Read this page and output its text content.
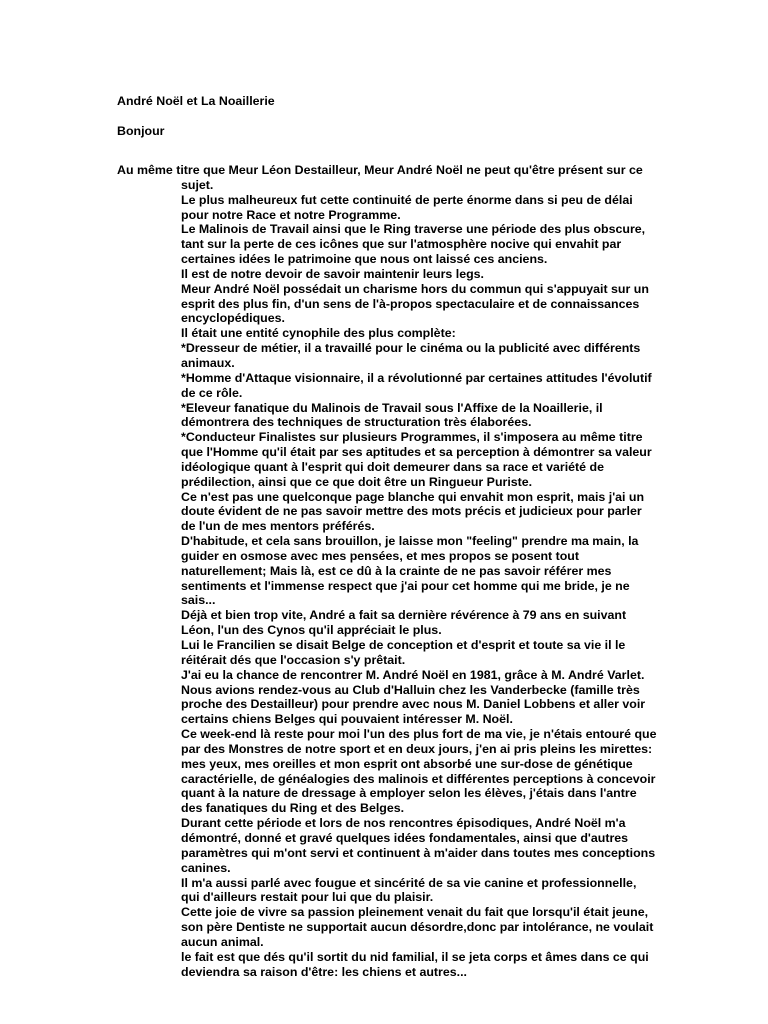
André Noël et La Noaillerie
Bonjour

Au même titre que Meur Léon Destailleur, Meur André Noël ne peut qu'être présent sur ce sujet.

Le plus malheureux fut cette continuité de perte énorme dans si peu de délai pour notre Race et notre Programme.

Le Malinois de Travail ainsi que le Ring traverse une période des plus obscure, tant sur la perte de ces icônes que sur l'atmosphère nocive qui envahit par certaines idées le patrimoine que nous ont laissé ces anciens.

Il est de notre devoir de savoir maintenir leurs legs.

Meur André Noël possédait un charisme hors du commun qui s'appuyait sur un esprit des plus fin, d'un sens de l'à-propos spectaculaire et de connaissances encyclopédiques.

Il était une entité cynophile des plus complète:

*Dresseur de métier, il a travaillé pour le cinéma ou la publicité avec différents animaux.

*Homme d'Attaque visionnaire, il a révolutionné par certaines attitudes l'évolutif de ce rôle.

*Eleveur fanatique du Malinois de Travail sous l'Affixe de la Noaillerie, il démontrera des techniques de structuration très élaborées.

*Conducteur Finalistes sur plusieurs Programmes, il s'imposera au même titre que l'Homme qu'il était par ses aptitudes et sa perception à démontrer sa valeur idéologique quant à l'esprit qui doit demeurer dans sa race et variété de prédilection, ainsi que ce que doit être un Ringueur Puriste.

Ce n'est pas une quelconque page blanche qui envahit mon esprit, mais j'ai un doute évident de ne pas savoir mettre des mots précis et judicieux pour parler de l'un de mes mentors préférés.

D'habitude, et cela sans brouillon, je laisse mon "feeling" prendre ma main, la guider en osmose avec mes pensées, et mes propos se posent tout naturellement; Mais là, est ce dû à la crainte de ne pas savoir référer mes sentiments et l'immense respect que j'ai pour cet homme qui me bride, je ne sais...

Déjà et bien trop vite, André a fait sa dernière révérence à 79 ans en suivant Léon, l'un des Cynos qu'il appréciait le plus.

Lui le Francilien se disait Belge de conception et d'esprit et toute sa vie il le réitérait dés que l'occasion s'y prêtait.

J'ai eu la chance de rencontrer M. André Noël en 1981, grâce à M. André Varlet.

Nous avions rendez-vous au Club d'Halluin chez les Vanderbecke (famille très proche des Destailleur) pour prendre avec nous M. Daniel Lobbens et aller voir certains chiens Belges qui pouvaient intéresser M. Noël.

Ce week-end là reste pour moi l'un des plus fort de ma vie, je n'étais entouré que par des Monstres de notre sport et en deux jours, j'en ai pris pleins les mirettes: mes yeux, mes oreilles et mon esprit ont absorbé une sur-dose de génétique caractérielle, de généalogies des malinois et différentes perceptions à concevoir quant à la nature de dressage à employer selon les élèves, j'étais dans l'antre des fanatiques du Ring et des Belges.

Durant cette période et lors de nos rencontres épisodiques, André Noël m'a démontré, donné et gravé quelques idées fondamentales, ainsi que d'autres paramètres qui m'ont servi et continuent à m'aider dans toutes mes conceptions canines.

Il m'a aussi parlé avec fougue et sincérité de sa vie canine et professionnelle, qui d'ailleurs restait pour lui que du plaisir.

Cette joie de vivre sa passion pleinement venait du fait que lorsqu'il était jeune, son père Dentiste ne supportait aucun désordre,donc par intolérance, ne voulait aucun animal.

le fait est que dés qu'il sortit du nid familial, il se jeta corps et âmes dans ce qui deviendra sa raison d'être: les chiens et autres...
